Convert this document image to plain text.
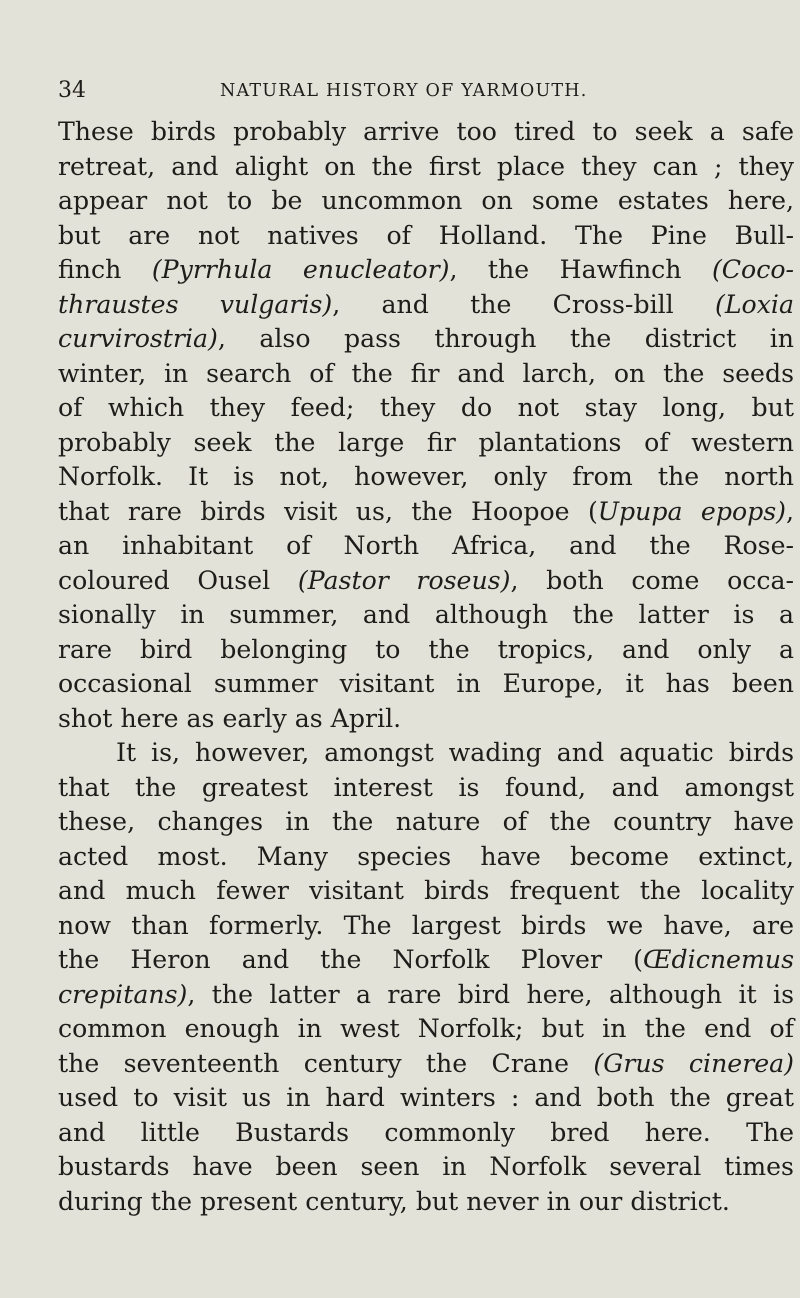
34	NATURAL HISTORY OF YARMOUTH.
These birds probably arrive too tired to seek a safe
retreat, and alight on the first place they can ; they
appear not to be uncommon on some estates here,
but are not natives of Holland. The Pine Bull-
finch (Pyrrhula enucleator), the Hawfinch (Coco-
thraustes vulgaris), and the Cross-bill (Loxia
curvirostria), also pass through the district in
winter, in search of the fir and larch, on the seeds
of which they feed; they do not stay long, but
probably seek the large fir plantations of western
Norfolk. It is not, however, only from the north
that rare birds visit us, the Hoopoe (Upupa epops),
an inhabitant of North Africa, and the Rose-
coloured Ousel (Pastor roseus), both come occa-
sionally in summer, and although the latter is a
rare bird belonging to the tropics, and only a
occasional summer visitant in Europe, it has been
shot here as early as April.
It is, however, amongst wading and aquatic birds
that the greatest interest is found, and amongst
these, changes in the nature of the country have
acted most. Many species have become extinct,
and much fewer visitant birds frequent the locality
now than formerly. The largest birds we have, are
the Heron and the Norfolk Plover (Œdicnemus
crepitans), the latter a rare bird here, although it is
common enough in west Norfolk; but in the end of
the seventeenth century the Crane (Grus cinerea)
used to visit us in hard winters : and both the great
and little Bustards commonly bred here. The
bustards have been seen in Norfolk several times
during the present century, but never in our district.
